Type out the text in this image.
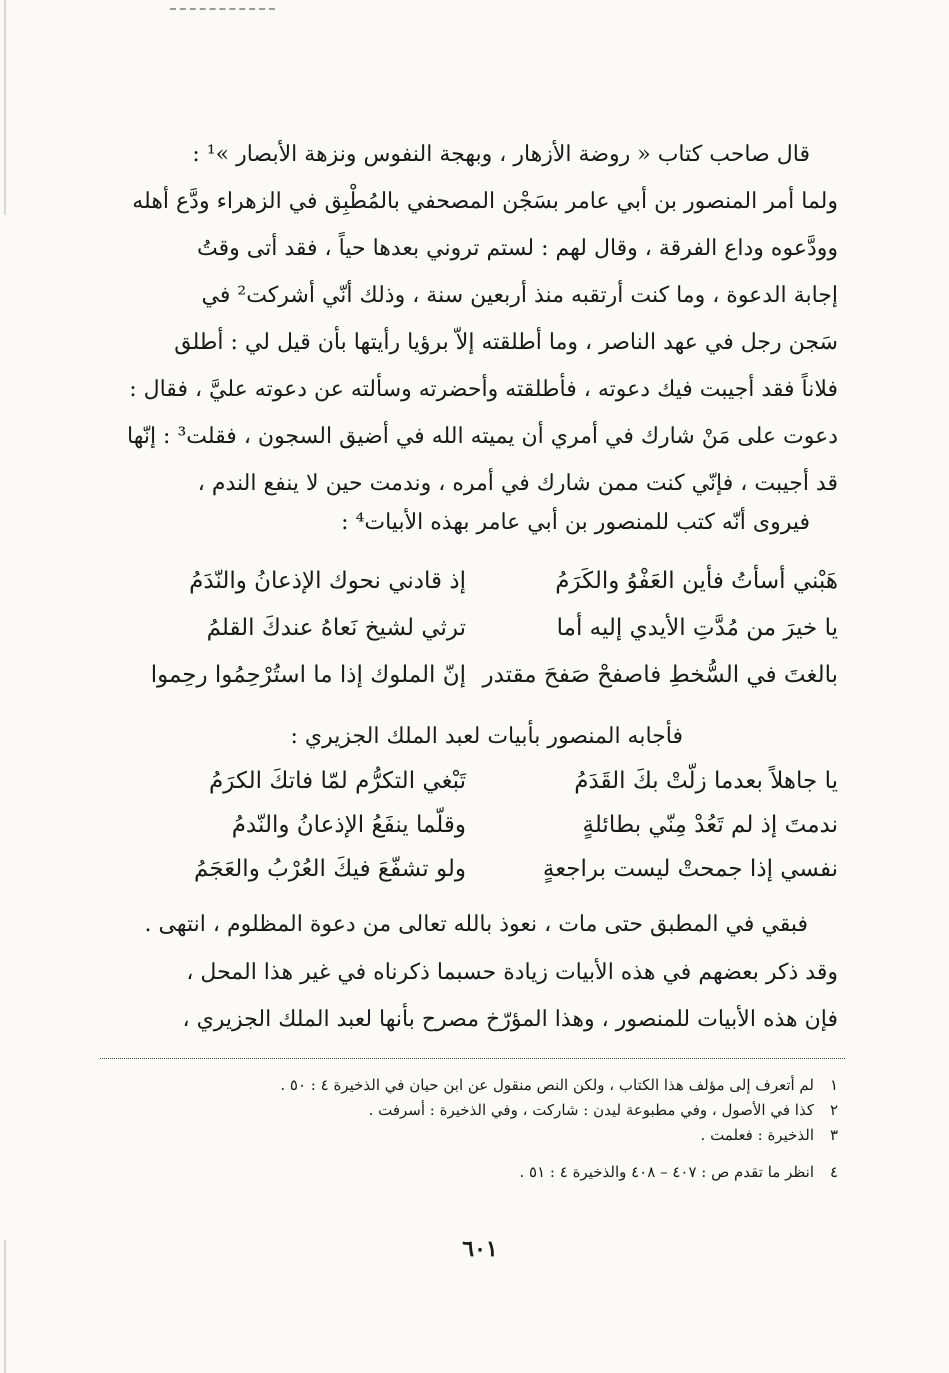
قال صاحب كتاب « روضة الأزهار ، وبهجة النفوس ونزهة الأبصار »¹ :

ولما أمر المنصور بن أبي عامر بسَجْن المصحفي بالمُطْبِق في الزهراء ودَّع أهله

وودَّعوه وداع الفرقة ، وقال لهم : لستم تروني بعدها حياً ، فقد أتى وقتُ

إجابة الدعوة ، وما كنت أرتقبه منذ أربعين سنة ، وذلك أنّي أشركت² في

سَجن رجل في عهد الناصر ، وما أطلقته إلاّ برؤيا رأيتها بأن قيل لي : أطلق

فلاناً فقد أجيبت فيك دعوته ، فأطلقته وأحضرته وسألته عن دعوته عليَّ ، فقال :

دعوت على مَنْ شارك في أمري أن يميته الله في أضيق السجون ، فقلت³ : إنّها

قد أجيبت ، فإنّي كنت ممن شارك في أمره ، وندمت حين لا ينفع الندم ،

فيروى أنّه كتب للمنصور بن أبي عامر بهذه الأبيات⁴ :

هَبْني أسأتُ فأين العَفْوُ والكَرَمُ
إذ قادني نحوك الإذعانُ والنّدَمُ
يا خيرَ من مُدَّتِ الأيدي إليه أما
ترثي لشيخ نَعاهُ عندكَ القلمُ
بالغتَ في السُّخطِ فاصفحْ صَفحَ مقتدر
إنّ الملوك إذا ما استُرْحِمُوا رحِموا

فأجابه المنصور بأبيات لعبد الملك الجزيري :

يا جاهلاً بعدما زلّتْ بكَ القَدَمُ
تَبْغي التكرُّم لمّا فاتكَ الكرَمُ
ندمتَ إذ لم تَعُدْ مِنّي بطائلةٍ
وقلّما ينفَعُ الإذعانُ والنّدمُ
نفسي إذا جمحتْ ليست براجعةٍ
ولو تشفّعَ فيكَ العُرْبُ والعَجَمُ

فبقي في المطبق حتى مات ، نعوذ بالله تعالى من دعوة المظلوم ، انتهى .

وقد ذكر بعضهم في هذه الأبيات زيادة حسبما ذكرناه في غير هذا المحل ،

فإن هذه الأبيات للمنصور ، وهذا المؤرّخ مصرح بأنها لعبد الملك الجزيري ،

١لم أتعرف إلى مؤلف هذا الكتاب ، ولكن النص منقول عن ابن حيان في الذخيرة ٤ : ٥٠ .
٢كذا في الأصول ، وفي مطبوعة ليدن : شاركت ، وفي الذخيرة : أسرفت .
٣الذخيرة : فعلمت .
٤انظر ما تقدم ص : ٤٠٧ – ٤٠٨ والذخيرة ٤ : ٥١ .
٦٠١
